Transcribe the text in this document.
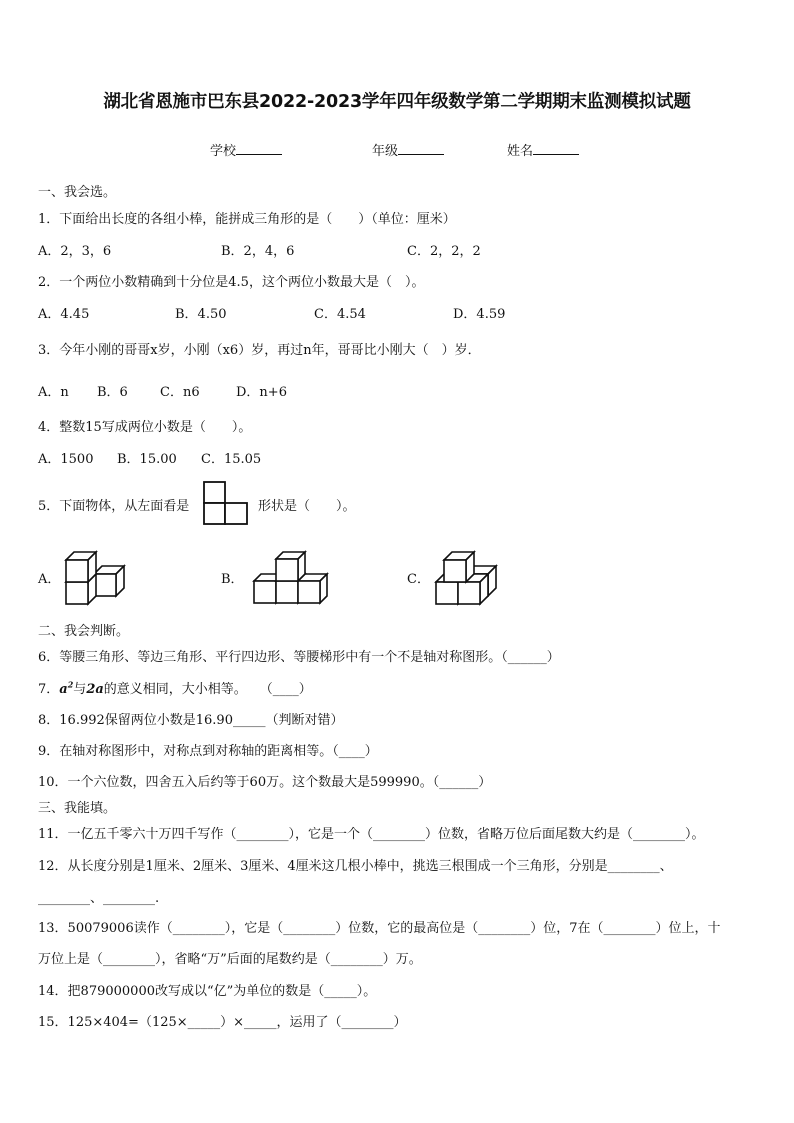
湖北省恩施市巴东县2022-2023学年四年级数学第二学期期末监测模拟试题
学校	年级	姓名
一、我会选。
1．下面给出长度的各组小棒，能拼成三角形的是（　　）（单位：厘米）
A．2，3，6	B．2，4，6	C．2，2，2
2．一个两位小数精确到十分位是4.5，这个两位小数最大是（　）。
A．4.45	B．4.50	C．4.54	D．4.59
3．今年小刚的哥哥x岁，小刚（x6）岁，再过n年，哥哥比小刚大（　）岁．
A．n B．6 C．n6	D．n+6
4．整数15写成两位小数是（　　）。
A．1500 B．15.00 C．15.05
5．下面物体，从左面看是	形状是（　　）。
A．	B．	C．
二、我会判断。
6．等腰三角形、等边三角形、平行四边形、等腰梯形中有一个不是轴对称图形。（______）
7．$a^2$与2a的意义相同，大小相等。　　（____）
8．16.992保留两位小数是16.90_____（判断对错）
9．在轴对称图形中，对称点到对称轴的距离相等。（____）
10．一个六位数，四舍五入后约等于60万。这个数最大是599990。（______）
三、我能填。
11．一亿五千零六十万四千写作（________），它是一个（________）位数，省略万位后面尾数大约是（________）。
12．从长度分别是1厘米、2厘米、3厘米、4厘米这几根小棒中，挑选三根围成一个三角形，分别是________、
________、________.
13．50079006读作（________），它是（________）位数，它的最高位是（________）位，7在（________）位上，十
万位上是（________），省略“万”后面的尾数约是（________）万。
14．把879000000改写成以“亿”为单位的数是（_____）。
15．125×404=（125×_____）×_____，运用了（________）
